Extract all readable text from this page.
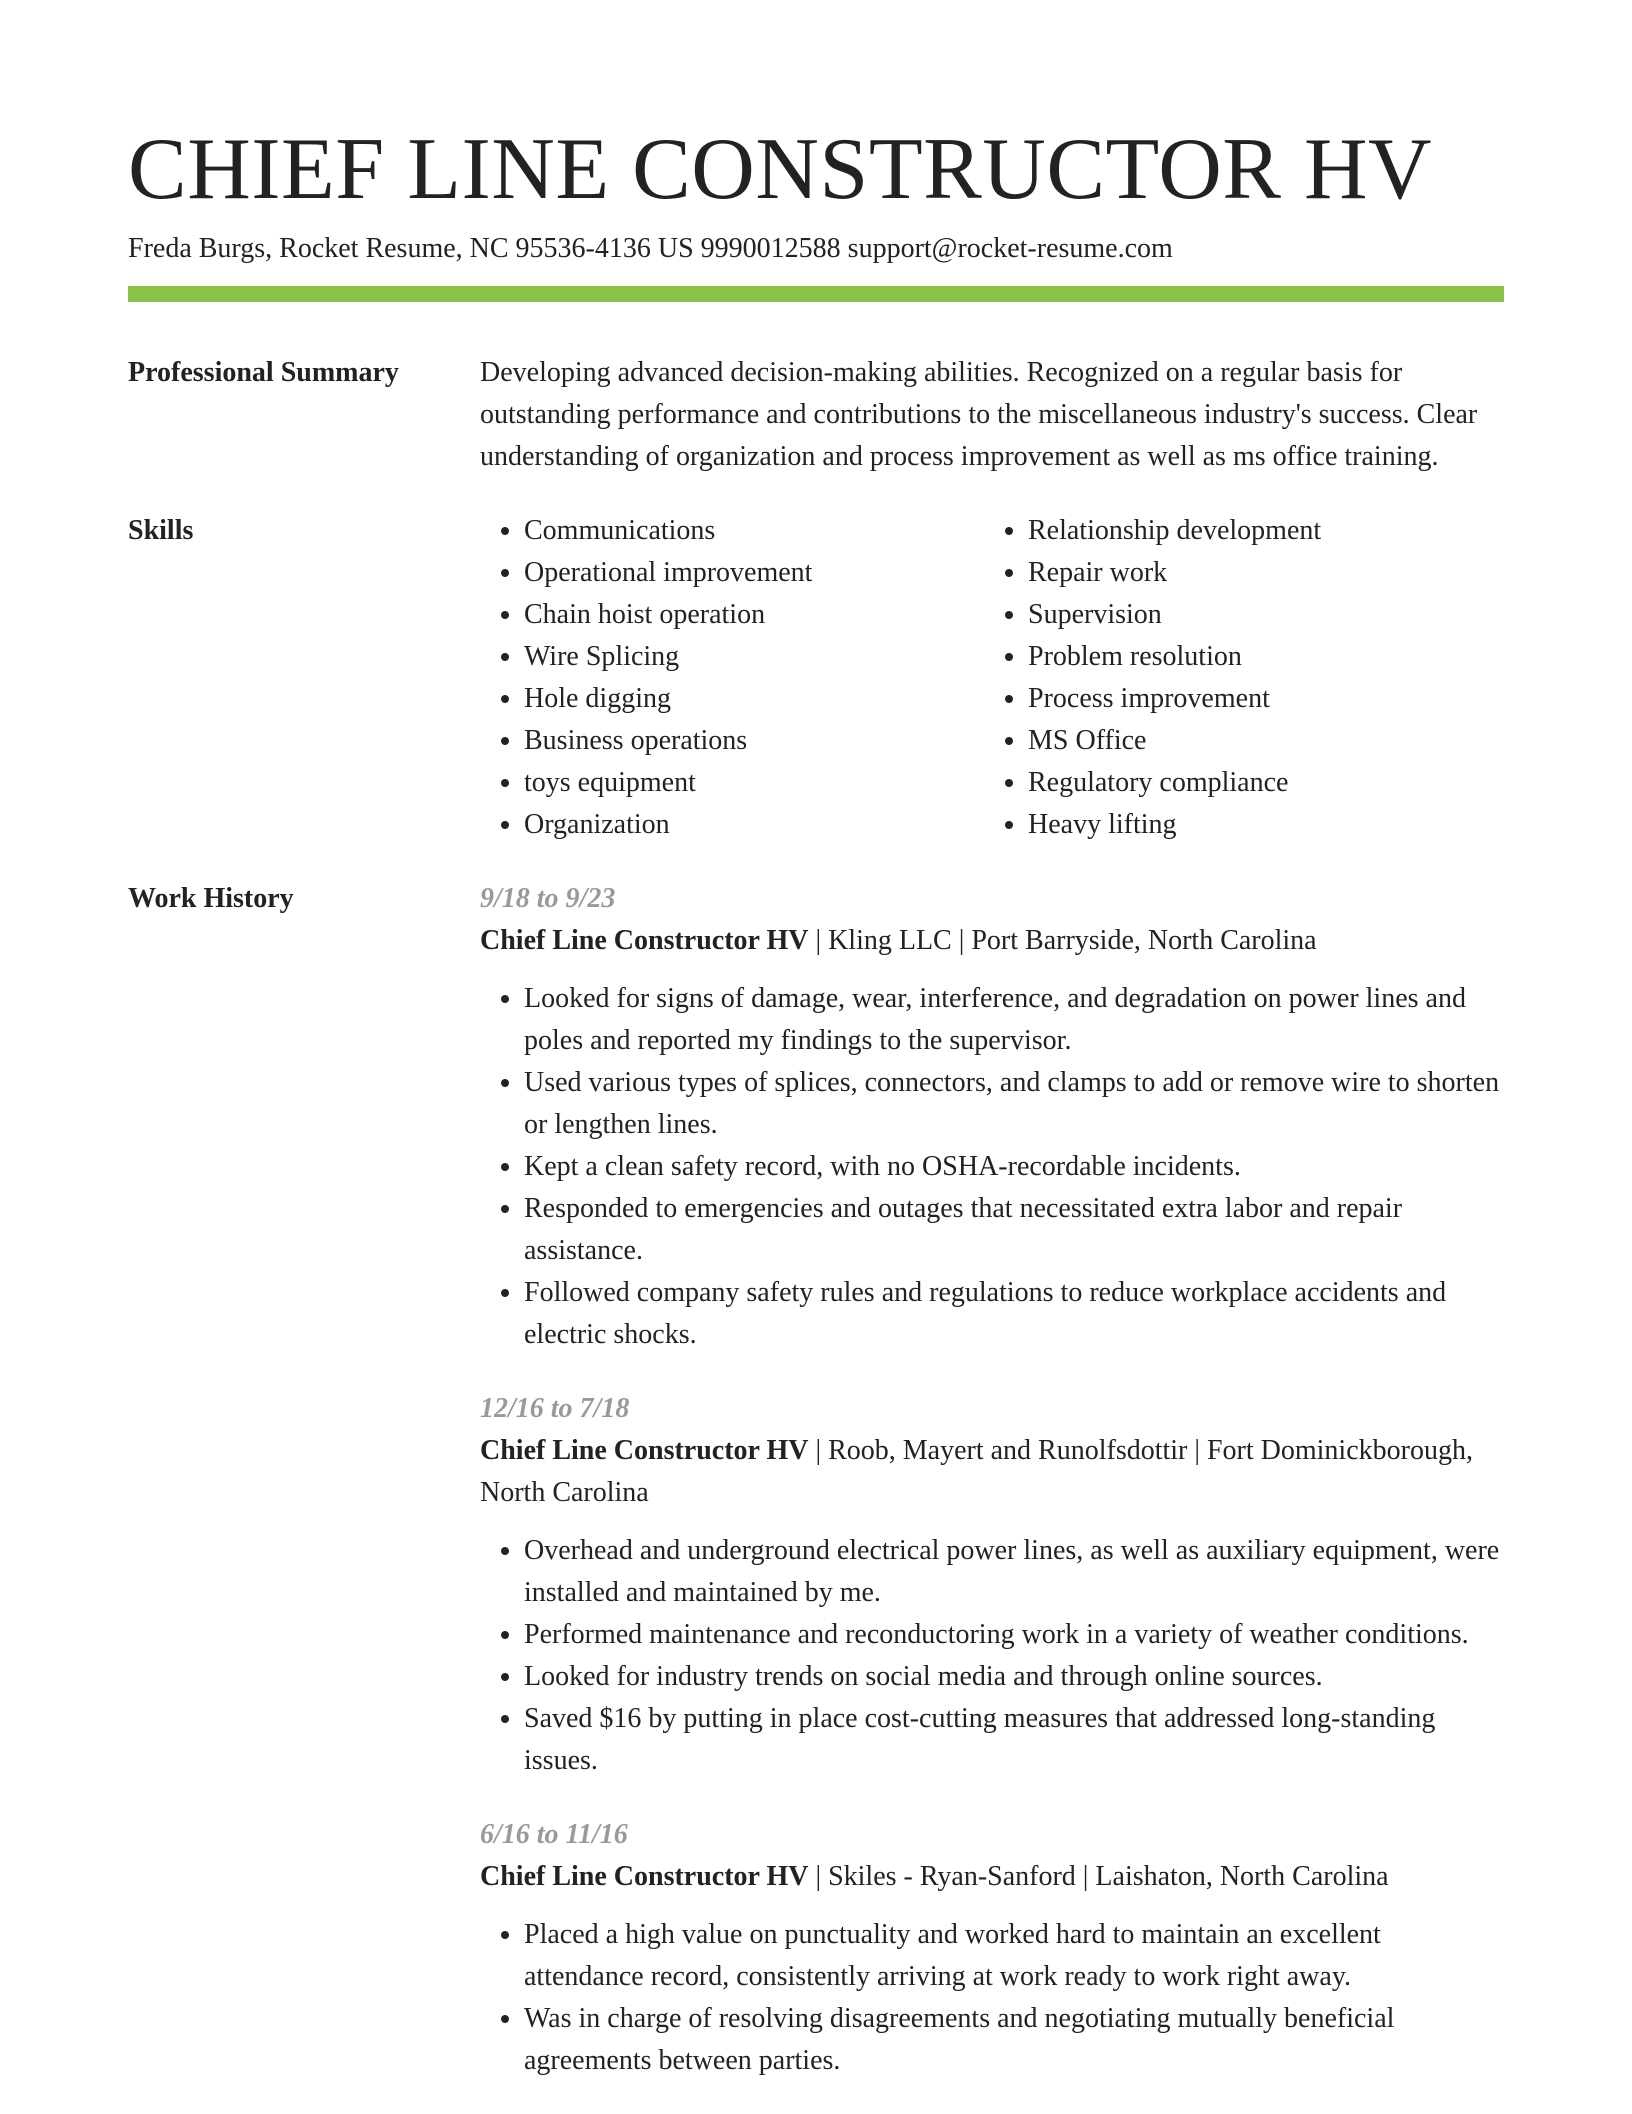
CHIEF LINE CONSTRUCTOR HV
Freda Burgs, Rocket Resume, NC 95536-4136 US 9990012588 support@rocket-resume.com
Professional Summary	Developing advanced decision-making abilities. Recognized on a regular basis for outstanding performance and contributions to the miscellaneous industry's success. Clear understanding of organization and process improvement as well as ms office training.

Skills
•	Communications
• Operational improvement
• Chain hoist operation
• Wire Splicing
• Hole digging
• Business operations
• toys equipment
• Organization
• Relationship development
• Repair work
• Supervision
• Problem resolution
• Process improvement
• MS Office
• Regulatory compliance
• Heavy lifting
Work History	9/18 to 9/23
Chief Line Constructor HV | Kling LLC | Port Barryside, North Carolina
• Looked for signs of damage, wear, interference, and degradation on power lines and poles and reported my findings to the supervisor.
• Used various types of splices, connectors, and clamps to add or remove wire to shorten or lengthen lines.
• Kept a clean safety record, with no OSHA-recordable incidents.
• Responded to emergencies and outages that necessitated extra labor and repair assistance.
• Followed company safety rules and regulations to reduce workplace accidents and electric shocks.
12/16 to 7/18
Chief Line Constructor HV | Roob, Mayert and Runolfsdottir | Fort Dominickborough, North Carolina
• Overhead and underground electrical power lines, as well as auxiliary equipment, were installed and maintained by me.
• Performed maintenance and reconductoring work in a variety of weather conditions.
• Looked for industry trends on social media and through online sources.
• Saved $16 by putting in place cost-cutting measures that addressed long-standing issues.
6/16 to 11/16
Chief Line Constructor HV | Skiles - Ryan-Sanford | Laishaton, North Carolina
• Placed a high value on punctuality and worked hard to maintain an excellent attendance record, consistently arriving at work ready to work right away.
• Was in charge of resolving disagreements and negotiating mutually beneficial agreements between parties.
